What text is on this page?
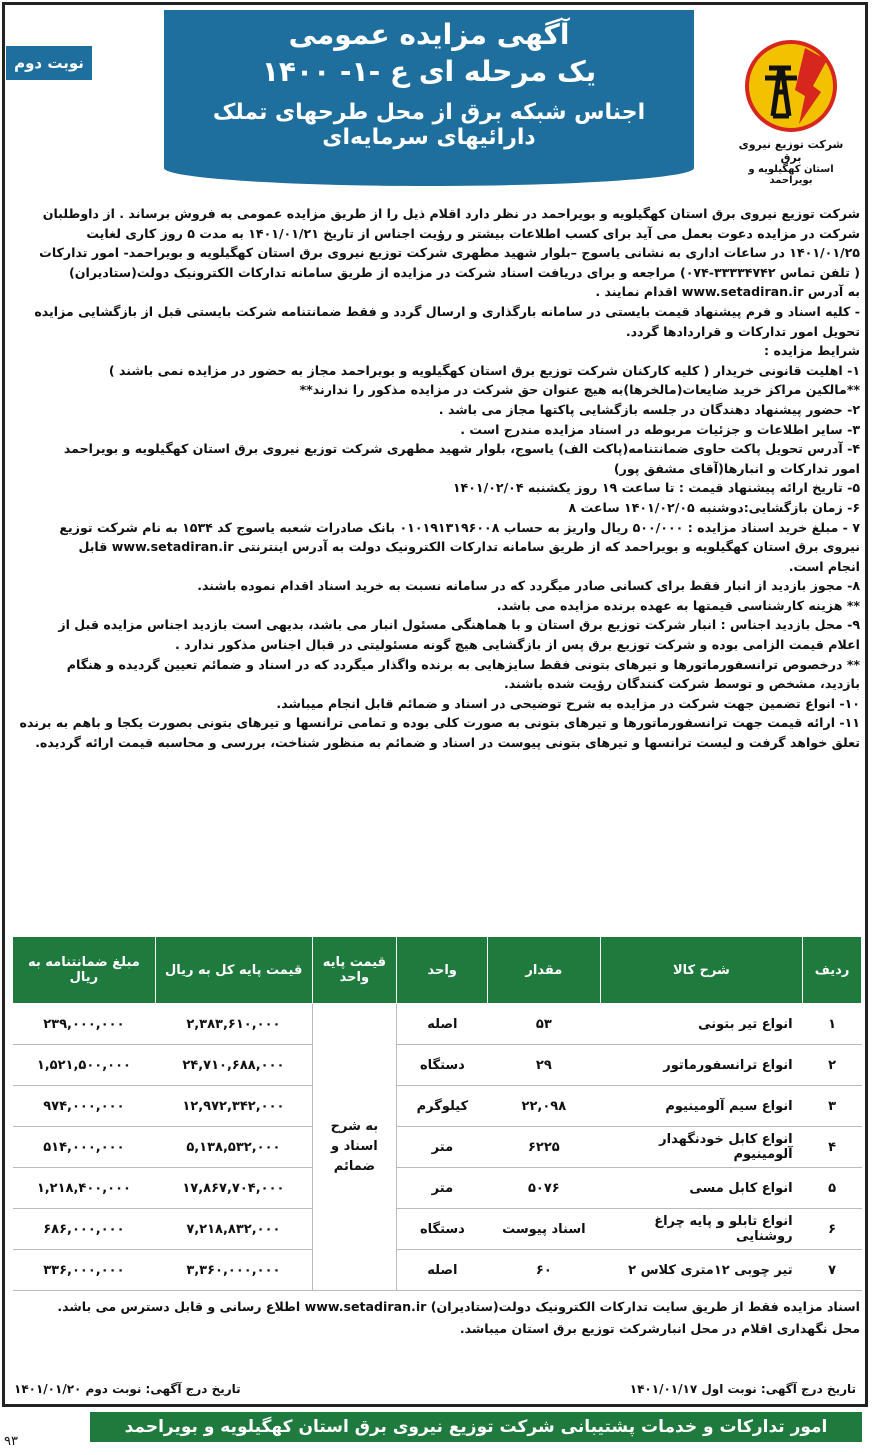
نوبت دوم
آگهی مزایده عمومی
یک مرحله ای ع -۱- ۱۴۰۰
اجناس شبکه برق از محل طرحهای تملک دارائیهای سرمایه‌ای	شرکت توزیع نیروی برق
استان کهگیلویه و بویراحمد

شرکت توزیع نیروی برق استان کهگیلویه و بویراحمد در نظر دارد اقلام ذیل را از طریق مزایده عمومی به فروش برساند . از داوطلبان

شرکت در مزایده دعوت بعمل می آید برای کسب اطلاعات بیشتر و رؤیت اجناس از تاریخ ۱۴۰۱/۰۱/۲۱ به مدت ۵ روز کاری لغایت

۱۴۰۱/۰۱/۲۵ در ساعات اداری به نشانی یاسوج –بلوار شهید مطهری شرکت توزیع نیروی برق استان کهگیلویه و بویراحمد- امور تدارکات

( تلفن تماس ۳۳۳۳۴۷۴۲-۰۷۴) مراجعه و برای دریافت اسناد شرکت در مزایده از طریق سامانه تدارکات الکترونیک دولت(ستادیران)

به آدرس www.setadiran.ir اقدام نمایند .

- کلیه اسناد و فرم پیشنهاد قیمت بایستی در سامانه بارگذاری و ارسال گردد و فقط ضمانتنامه شرکت بایستی قبل از بازگشایی مزایده

تحویل امور تدارکات و قراردادها گردد.

شرایط مزایده :

۱- اهلیت قانونی خریدار ( کلیه کارکنان شرکت توزیع برق استان کهگیلویه و بویراحمد مجاز به حضور در مزایده نمی باشند )

**مالکین مراکز خرید ضایعات(مالخرها)به هیچ عنوان حق شرکت در مزایده مذکور را ندارند**

۲- حضور پیشنهاد دهندگان در جلسه بازگشایی پاکتها مجاز می باشد .

۳- سایر اطلاعات و جزئیات مربوطه در اسناد مزایده مندرج است .

۴- آدرس تحویل پاکت حاوی ضمانتنامه(پاکت الف) یاسوج، بلوار شهید مطهری شرکت توزیع نیروی برق استان کهگیلویه و بویراحمد

امور تدارکات و انبارها(آقای مشفق پور)

۵- تاریخ ارائه پیشنهاد قیمت : تا ساعت ۱۹ روز یکشنبه ۱۴۰۱/۰۲/۰۴

۶- زمان بازگشایی:دوشنبه ۱۴۰۱/۰۲/۰۵ ساعت ۸

۷ - مبلغ خرید اسناد مزایده : ۵۰۰/۰۰۰ ریال واریز به حساب ۰۱۰۱۹۱۳۱۹۶۰۰۸ بانک صادرات شعبه یاسوج کد ۱۵۳۴ به نام شرکت توزیع

نیروی برق استان کهگیلویه و بویراحمد که از طریق سامانه تدارکات الکترونیک دولت به آدرس اینترنتی www.setadiran.ir قابل

انجام است.

۸- مجوز بازدید از انبار فقط برای کسانی صادر میگردد که در سامانه نسبت به خرید اسناد اقدام نموده باشند.

** هزینه کارشناسی قیمتها به عهده برنده مزایده می باشد.

۹- محل بازدید اجناس : انبار شرکت توزیع برق استان و با هماهنگی مسئول انبار می باشد، بدیهی است بازدید اجناس مزایده قبل از

اعلام قیمت الزامی بوده و شرکت توزیع برق پس از بازگشایی هیچ گونه مسئولیتی در قبال اجناس مذکور ندارد .

** درخصوص ترانسفورماتورها و تیرهای بتونی فقط سایزهایی به برنده واگذار میگردد که در اسناد و ضمائم تعیین گردیده و هنگام

بازدید، مشخص و توسط شرکت کنندگان رؤیت شده باشند.

۱۰- انواع تضمین جهت شرکت در مزایده به شرح توضیحی در اسناد و ضمائم قابل انجام میباشد.

۱۱- ارائه قیمت جهت ترانسفورماتورها و تیرهای بتونی به صورت کلی بوده و تمامی ترانسها و تیرهای بتونی بصورت یکجا و باهم به برنده

تعلق خواهد گرفت و لیست ترانسها و تیرهای بتونی پیوست در اسناد و ضمائم به منظور شناخت، بررسی و محاسبه قیمت ارائه گردیده.

ردیف	شرح کالا	مقدار	واحد	قیمت پایه واحد	قیمت پایه کل به ریال	مبلغ ضمانتنامه به ریال
۱	انواع تیر بتونی	۵۳	اصله	به شرح اسناد و ضمائم	۲,۳۸۳,۶۱۰,۰۰۰	۲۳۹,۰۰۰,۰۰۰
۲	انواع ترانسفورماتور	۲۹	دستگاه		۲۴,۷۱۰,۶۸۸,۰۰۰	۱,۵۲۱,۵۰۰,۰۰۰
۳	انواع سیم آلومینیوم	۲۲,۰۹۸	کیلوگرم		۱۲,۹۷۲,۳۴۲,۰۰۰	۹۷۴,۰۰۰,۰۰۰
۴	انواع کابل خودنگهدار آلومینیوم	۶۲۲۵	متر		۵,۱۳۸,۵۳۲,۰۰۰	۵۱۴,۰۰۰,۰۰۰
۵	انواع کابل مسی	۵۰۷۶	متر		۱۷,۸۶۷,۷۰۴,۰۰۰	۱,۲۱۸,۴۰۰,۰۰۰
۶	انواع تابلو و پایه چراغ روشنایی	اسناد پیوست	دستگاه		۷,۲۱۸,۸۳۲,۰۰۰	۶۸۶,۰۰۰,۰۰۰
۷	تیر چوبی ۱۲متری کلاس ۲	۶۰	اصله		۳,۳۶۰,۰۰۰,۰۰۰	۳۳۶,۰۰۰,۰۰۰

اسناد مزایده فقط از طریق سایت تدارکات الکترونیک دولت(ستادیران) www.setadiran.ir اطلاع رسانی و قابل دسترس می باشد.

محل نگهداری اقلام در محل انبارشرکت توزیع برق استان میباشد.

تاریخ درج آگهی: نوبت اول ۱۴۰۱/۰۱/۱۷
تاریخ درج آگهی: نوبت دوم ۱۴۰۱/۰۱/۲۰
امور تدارکات و خدمات پشتیبانی شرکت توزیع نیروی برق استان کهگیلویه و بویراحمد
۹۳
